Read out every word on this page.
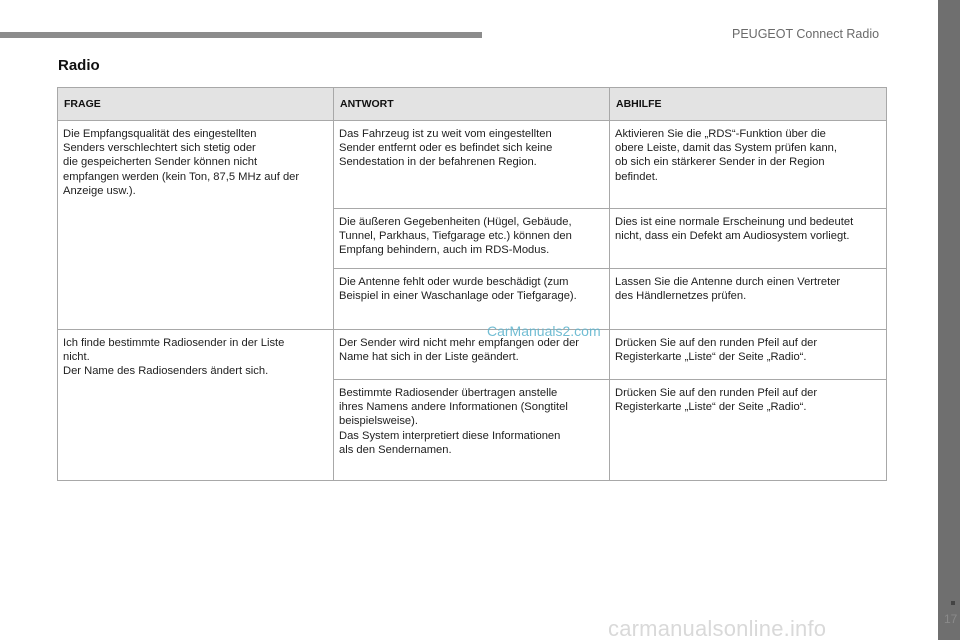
PEUGEOT Connect Radio
17
Radio
FRAGE	ANTWORT	ABHILFE

Die Empfangsqualität des eingestellten
Senders verschlechtert sich stetig oder
die gespeicherten Sender können nicht
empfangen werden (kein Ton, 87,5 MHz auf der
Anzeige usw.).	Das Fahrzeug ist zu weit vom eingestellten
Sender entfernt oder es befindet sich keine
Sendestation in der befahrenen Region.	Aktivieren Sie die „RDS“-Funktion über die
obere Leiste, damit das System prüfen kann,
ob sich ein stärkerer Sender in der Region
befindet.

	Die äußeren Gegebenheiten (Hügel, Gebäude,
Tunnel, Parkhaus, Tiefgarage etc.) können den
Empfang behindern, auch im RDS-Modus.	Dies ist eine normale Erscheinung und bedeutet
nicht, dass ein Defekt am Audiosystem vorliegt.

	Die Antenne fehlt oder wurde beschädigt (zum
Beispiel in einer Waschanlage oder Tiefgarage).	Lassen Sie die Antenne durch einen Vertreter
des Händlernetzes prüfen.

Ich finde bestimmte Radiosender in der Liste
nicht.
Der Name des Radiosenders ändert sich.	Der Sender wird nicht mehr empfangen oder der
Name hat sich in der Liste geändert.	Drücken Sie auf den runden Pfeil auf der
Registerkarte „Liste“ der Seite „Radio“.

	Bestimmte Radiosender übertragen anstelle
ihres Namens andere Informationen (Songtitel
beispielsweise).
Das System interpretiert diese Informationen
als den Sendernamen.	Drücken Sie auf den runden Pfeil auf der
Registerkarte „Liste“ der Seite „Radio“.
CarManuals2.com
carmanualsonline.info
